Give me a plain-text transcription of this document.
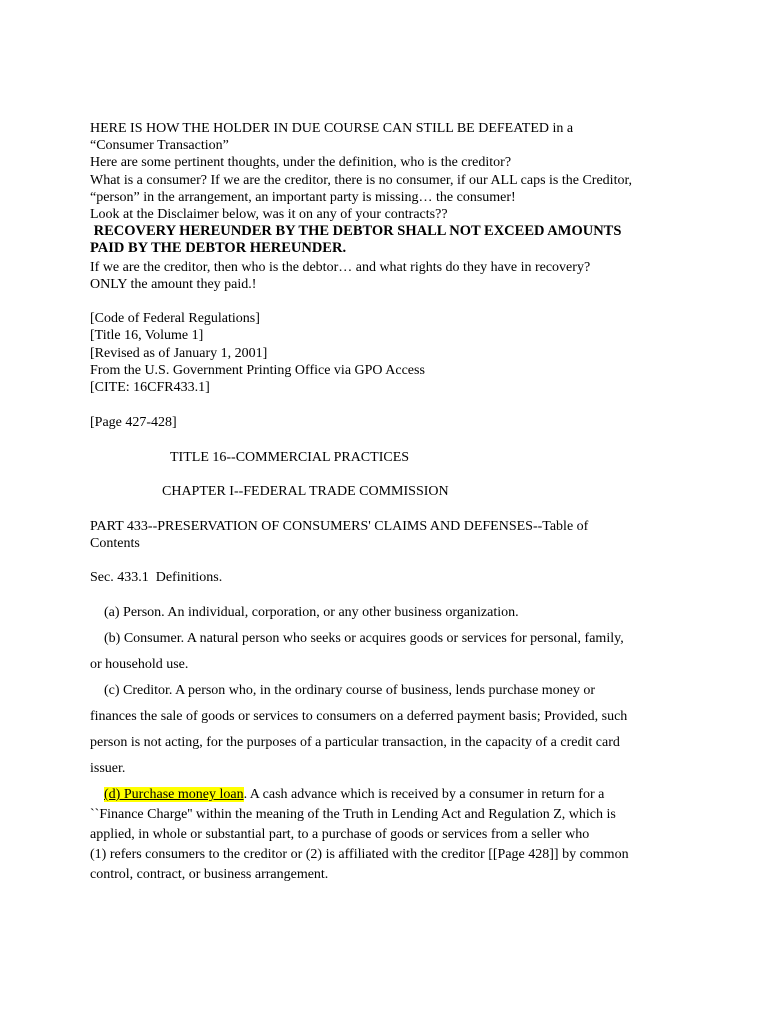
HERE IS HOW THE HOLDER IN DUE COURSE CAN STILL BE DEFEATED in a
“Consumer Transaction”
Here are some pertinent thoughts, under the definition, who is the creditor?
What is a consumer? If we are the creditor, there is no consumer, if our ALL caps is the Creditor,
“person” in the arrangement, an important party is missing… the consumer!
Look at the Disclaimer below, was it on any of your contracts??
RECOVERY HEREUNDER BY THE DEBTOR SHALL NOT EXCEED AMOUNTS
PAID BY THE DEBTOR HEREUNDER.
If we are the creditor, then who is the debtor… and what rights do they have in recovery?
ONLY the amount they paid.!
[Code of Federal Regulations]
[Title 16, Volume 1]
[Revised as of January 1, 2001]
From the U.S. Government Printing Office via GPO Access
[CITE: 16CFR433.1]
[Page 427-428]
TITLE 16--COMMERCIAL PRACTICES
CHAPTER I--FEDERAL TRADE COMMISSION
PART 433--PRESERVATION OF CONSUMERS' CLAIMS AND DEFENSES--Table of
Contents
Sec. 433.1  Definitions.
(a) Person. An individual, corporation, or any other business organization.
(b) Consumer. A natural person who seeks or acquires goods or services for personal, family,
or household use.
(c) Creditor. A person who, in the ordinary course of business, lends purchase money or
finances the sale of goods or services to consumers on a deferred payment basis; Provided, such
person is not acting, for the purposes of a particular transaction, in the capacity of a credit card
issuer.
(d) Purchase money loan. A cash advance which is received by a consumer in return for a
``Finance Charge'' within the meaning of the Truth in Lending Act and Regulation Z, which is
applied, in whole or substantial part, to a purchase of goods or services from a seller who
(1) refers consumers to the creditor or (2) is affiliated with the creditor [[Page 428]] by common
control, contract, or business arrangement.
